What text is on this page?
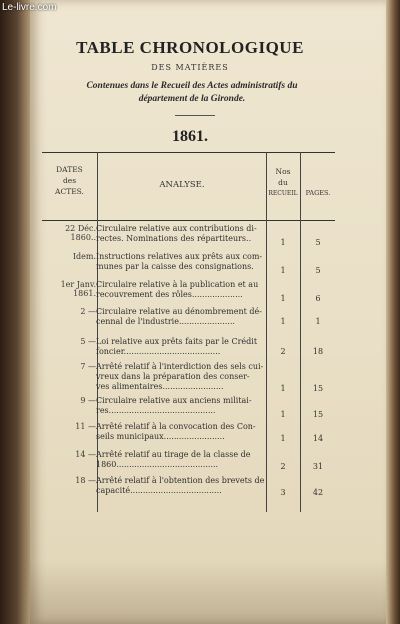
Le-livre.com
TABLE CHRONOLOGIQUE
DES MATIÈRES
Contenues dans le Recueil des Actes administratifs du
département de la Gironde.
1861.
DATES
des
ACTES.
ANALYSE.
Nos
du
RECUEIL	PAGES.
22 Déc. 1860..
Circulaire relative aux contributions di-
rectes. Nominations des répartiteurs..	1	5
Idem. Instructions relatives aux prêts aux com-
munes par la caisse des consignations.	1	5
1er Janv. 1861.
Circulaire relative à la publication et au
recouvrement des rôles....................	1	6
2 — Circulaire relative au dénombrement dé-
cennal de l'industrie......................	1	1
5 — Loi relative aux prêts faits par le Crédit
foncier......................................	2	18
7 — Arrêté relatif à l'interdiction des sels cui-
vreux dans la préparation des conser-
ves alimentaires........................	1	15
9 — Circulaire relative aux anciens militai-
res..........................................	1	15
11 — Arrêté relatif à la convocation des Con-
seils municipaux........................	1	14
14 — Arrêté relatif au tirage de la classe de
1860........................................	2	31
18 — Arrêté relatif à l'obtention des brevets de
capacité....................................	3	42
